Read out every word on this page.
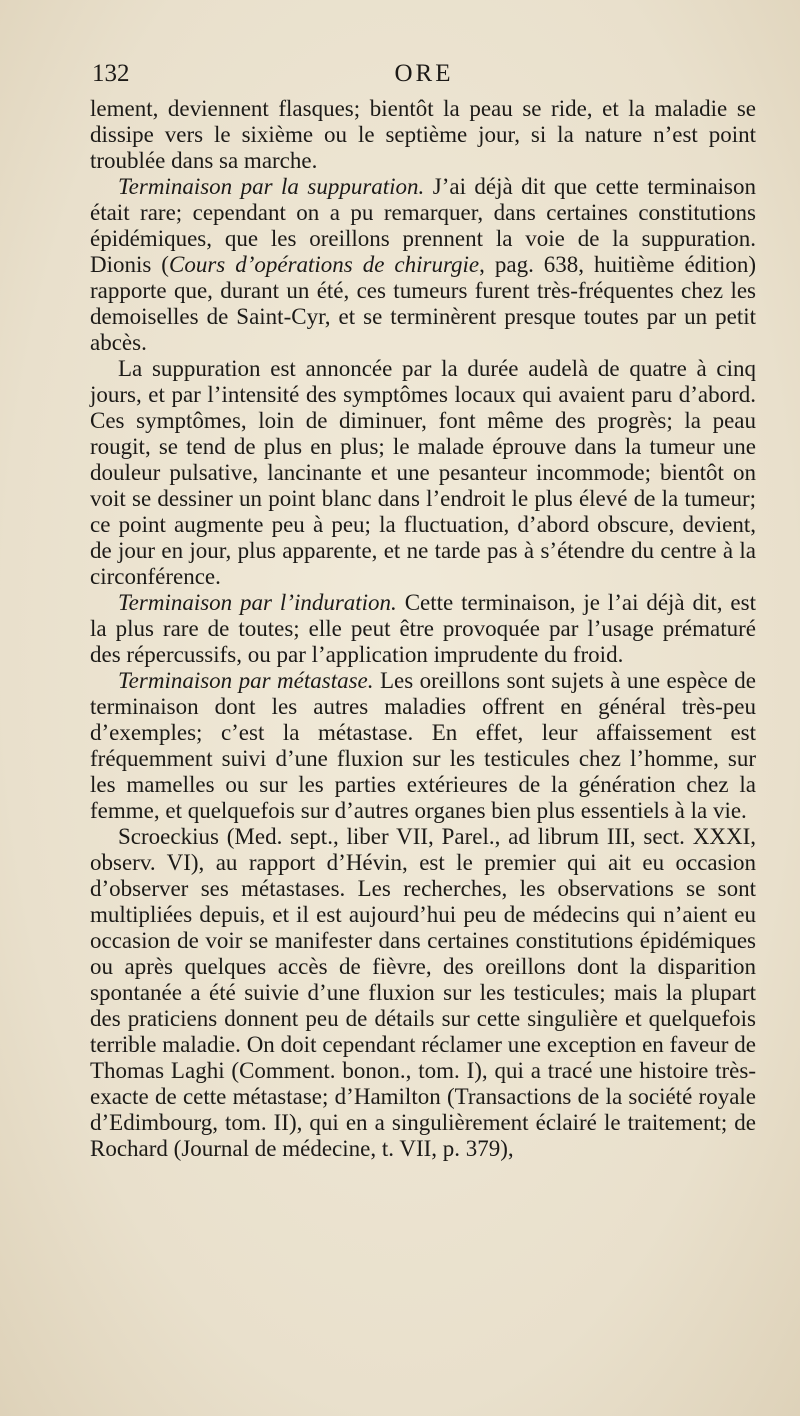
132	ORE

lement, deviennent flasques; bientôt la peau se ride, et la maladie se dissipe vers le sixième ou le septième jour, si la nature n’est point troublée dans sa marche.

Terminaison par la suppuration. J’ai déjà dit que cette terminaison était rare; cependant on a pu remarquer, dans certaines constitutions épidémiques, que les oreillons prennent la voie de la suppuration. Dionis (Cours d’opérations de chirurgie, pag. 638, huitième édition) rapporte que, durant un été, ces tumeurs furent très-fréquentes chez les demoiselles de Saint-Cyr, et se terminèrent presque toutes par un petit abcès.

La suppuration est annoncée par la durée audelà de quatre à cinq jours, et par l’intensité des symptômes locaux qui avaient paru d’abord. Ces symptômes, loin de diminuer, font même des progrès; la peau rougit, se tend de plus en plus; le malade éprouve dans la tumeur une douleur pulsative, lancinante et une pesanteur incommode; bientôt on voit se dessiner un point blanc dans l’endroit le plus élevé de la tumeur; ce point augmente peu à peu; la fluctuation, d’abord obscure, devient, de jour en jour, plus apparente, et ne tarde pas à s’étendre du centre à la circonférence.

Terminaison par l’induration. Cette terminaison, je l’ai déjà dit, est la plus rare de toutes; elle peut être provoquée par l’usage prématuré des répercussifs, ou par l’application imprudente du froid.

Terminaison par métastase. Les oreillons sont sujets à une espèce de terminaison dont les autres maladies offrent en général très-peu d’exemples; c’est la métastase. En effet, leur affaissement est fréquemment suivi d’une fluxion sur les testicules chez l’homme, sur les mamelles ou sur les parties extérieures de la génération chez la femme, et quelquefois sur d’autres organes bien plus essentiels à la vie.

Scroeckius (Med. sept., liber VII, Parel., ad librum III, sect. XXXI, observ. VI), au rapport d’Hévin, est le premier qui ait eu occasion d’observer ses métastases. Les recherches, les observations se sont multipliées depuis, et il est aujourd’hui peu de médecins qui n’aient eu occasion de voir se manifester dans certaines constitutions épidémiques ou après quelques accès de fièvre, des oreillons dont la disparition spontanée a été suivie d’une fluxion sur les testicules; mais la plupart des praticiens donnent peu de détails sur cette singulière et quelquefois terrible maladie. On doit cependant réclamer une exception en faveur de Thomas Laghi (Comment. bonon., tom. I), qui a tracé une histoire très-exacte de cette métastase; d’Hamilton (Transactions de la société royale d’Edimbourg, tom. II), qui en a singulièrement éclairé le traitement; de Rochard (Journal de médecine, t. VII, p. 379),
